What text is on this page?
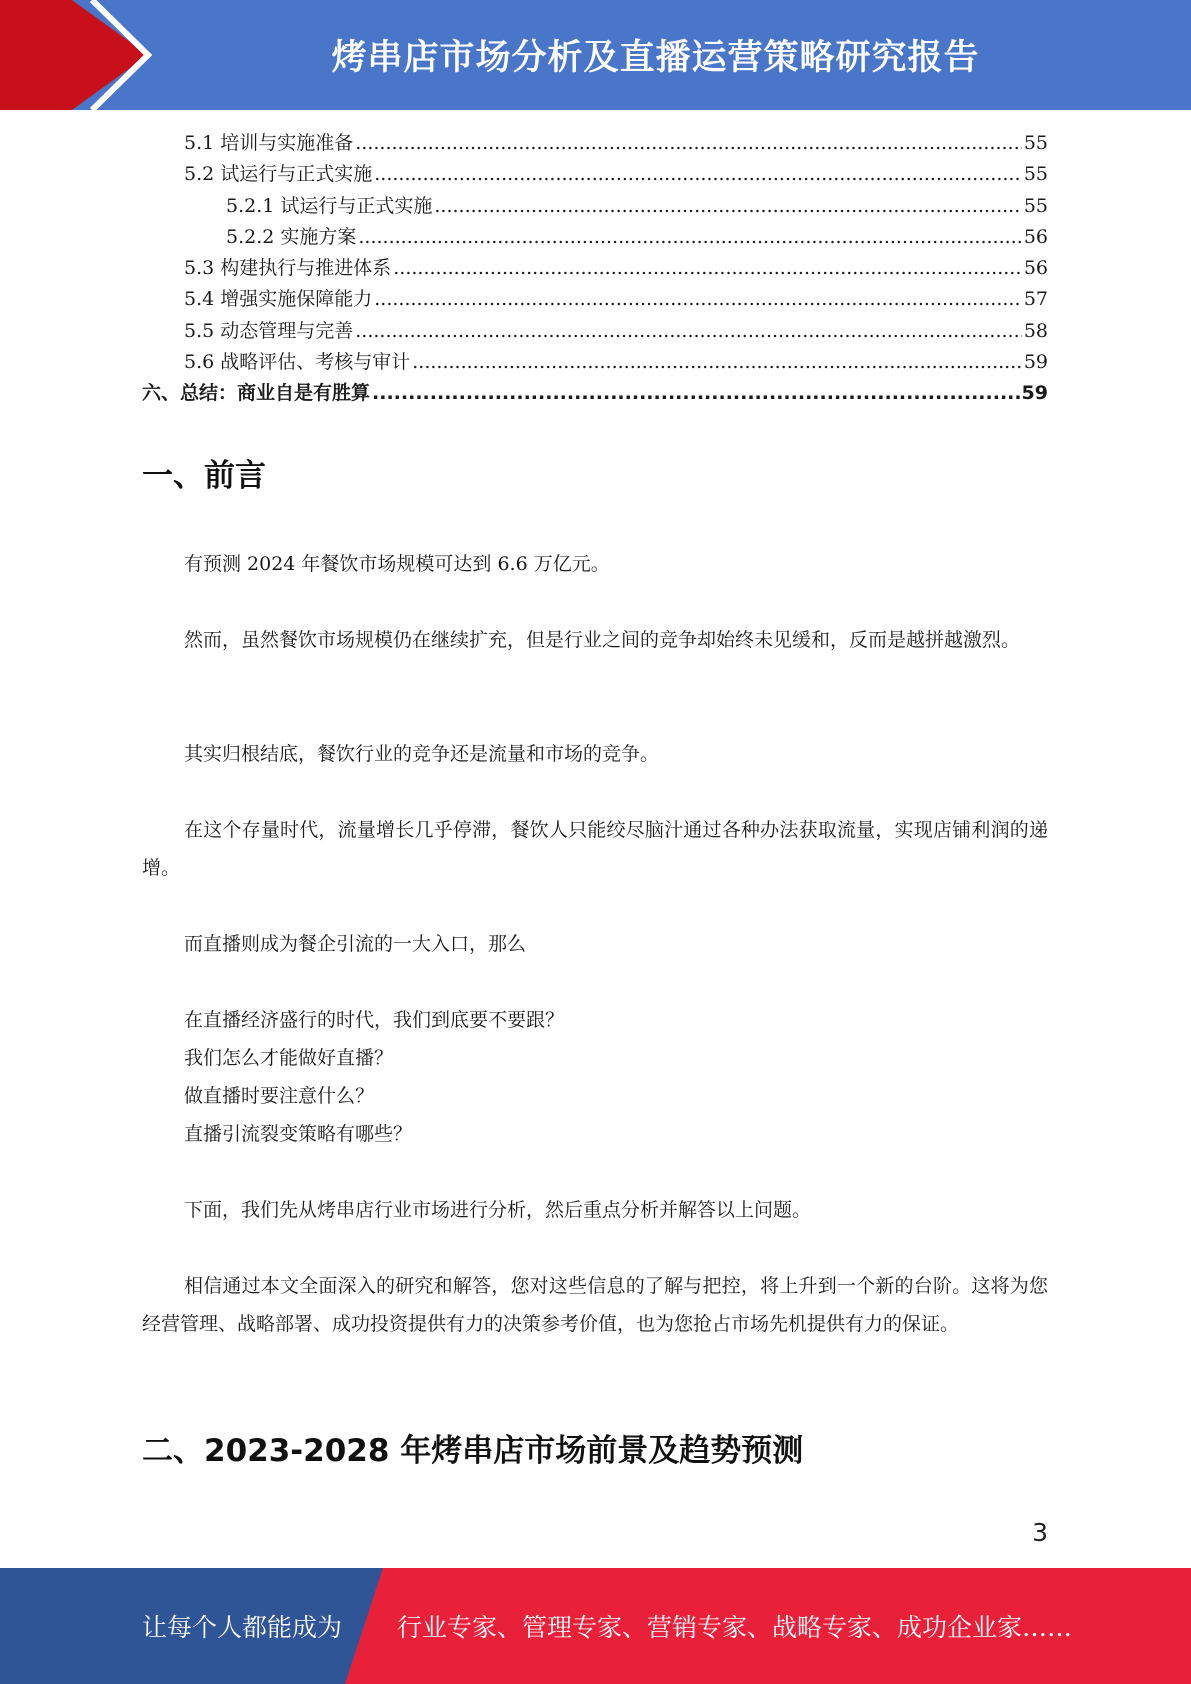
烤串店市场分析及直播运营策略研究报告
5.1 培训与实施准备 .....	55
5.2 试运行与正式实施 .....	55
5.2.1 试运行与正式实施 .....	55
5.2.2 实施方案 .....	56
5.3 构建执行与推进体系 .....	56
5.4 增强实施保障能力 .....	57
5.5 动态管理与完善 .....	58
5.6 战略评估、考核与审计 .....	59
六、总结：商业自是有胜算 .....	59
一、前言
有预测 2024 年餐饮市场规模可达到 6.6 万亿元。
然而，虽然餐饮市场规模仍在继续扩充，但是行业之间的竞争却始终未见缓和，反而是越拼越激烈。
其实归根结底，餐饮行业的竞争还是流量和市场的竞争。
在这个存量时代，流量增长几乎停滞，餐饮人只能绞尽脑汁通过各种办法获取流量，实现店铺利润的递增。
而直播则成为餐企引流的一大入口，那么
在直播经济盛行的时代，我们到底要不要跟？
我们怎么才能做好直播？
做直播时要注意什么？
直播引流裂变策略有哪些？
下面，我们先从烤串店行业市场进行分析，然后重点分析并解答以上问题。
相信通过本文全面深入的研究和解答，您对这些信息的了解与把控，将上升到一个新的台阶。这将为您经营管理、战略部署、成功投资提供有力的决策参考价值，也为您抢占市场先机提供有力的保证。
二、2023-2028 年烤串店市场前景及趋势预测
3
让每个人都能成为 行业专家、管理专家、营销专家、战略专家、成功企业家……
